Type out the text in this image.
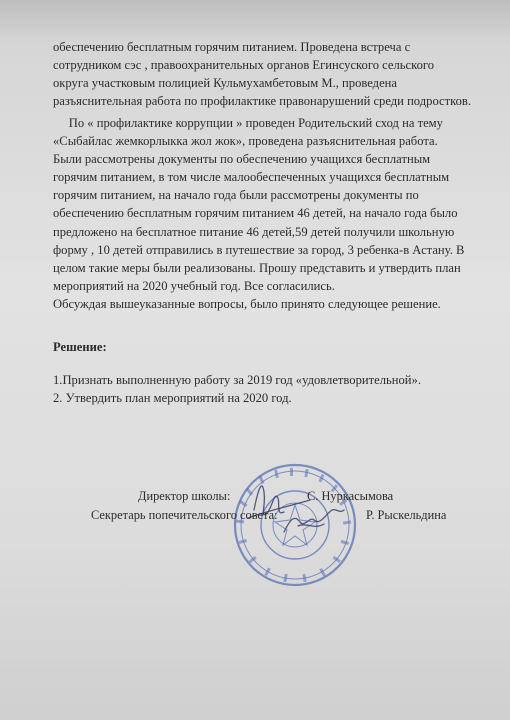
обеспечению бесплатным горячим питанием. Проведена встреча с
сотрудником сэс , правоохранительных органов Егинсуского сельского
округа участковым полицией Кульмухамбетовым М., проведена
разъяснительная работа по профилактике правонарушений среди подростков.
По « профилактике коррупции » проведен Родительский сход на тему
«Сыбайлас жемкорлыкка жол жок», проведена разъяснительная работа.
Были рассмотрены документы по обеспечению учащихся бесплатным
горячим питанием, в том числе малообеспеченных учащихся бесплатным
горячим питанием, на начало года были рассмотрены документы по
обеспечению бесплатным горячим питанием 46 детей, на начало года было
предложено на бесплатное питание 46 детей,59 детей получили школьную
форму , 10 детей отправились в путешествие за город, 3 ребенка-в Астану. В
целом такие меры были реализованы. Прошу представить и утвердить план
мероприятий на 2020 учебный год. Все согласились.
Обсуждая вышеуказанные вопросы, было принято следующее решение.
Решение:
1.Признать выполненную работу за 2019 год «удовлетворительной».
2. Утвердить план мероприятий на 2020 год.
Директор школы:	С. Нуркасымова
Секретарь попечительского совета:	Р. Рыскельдина
